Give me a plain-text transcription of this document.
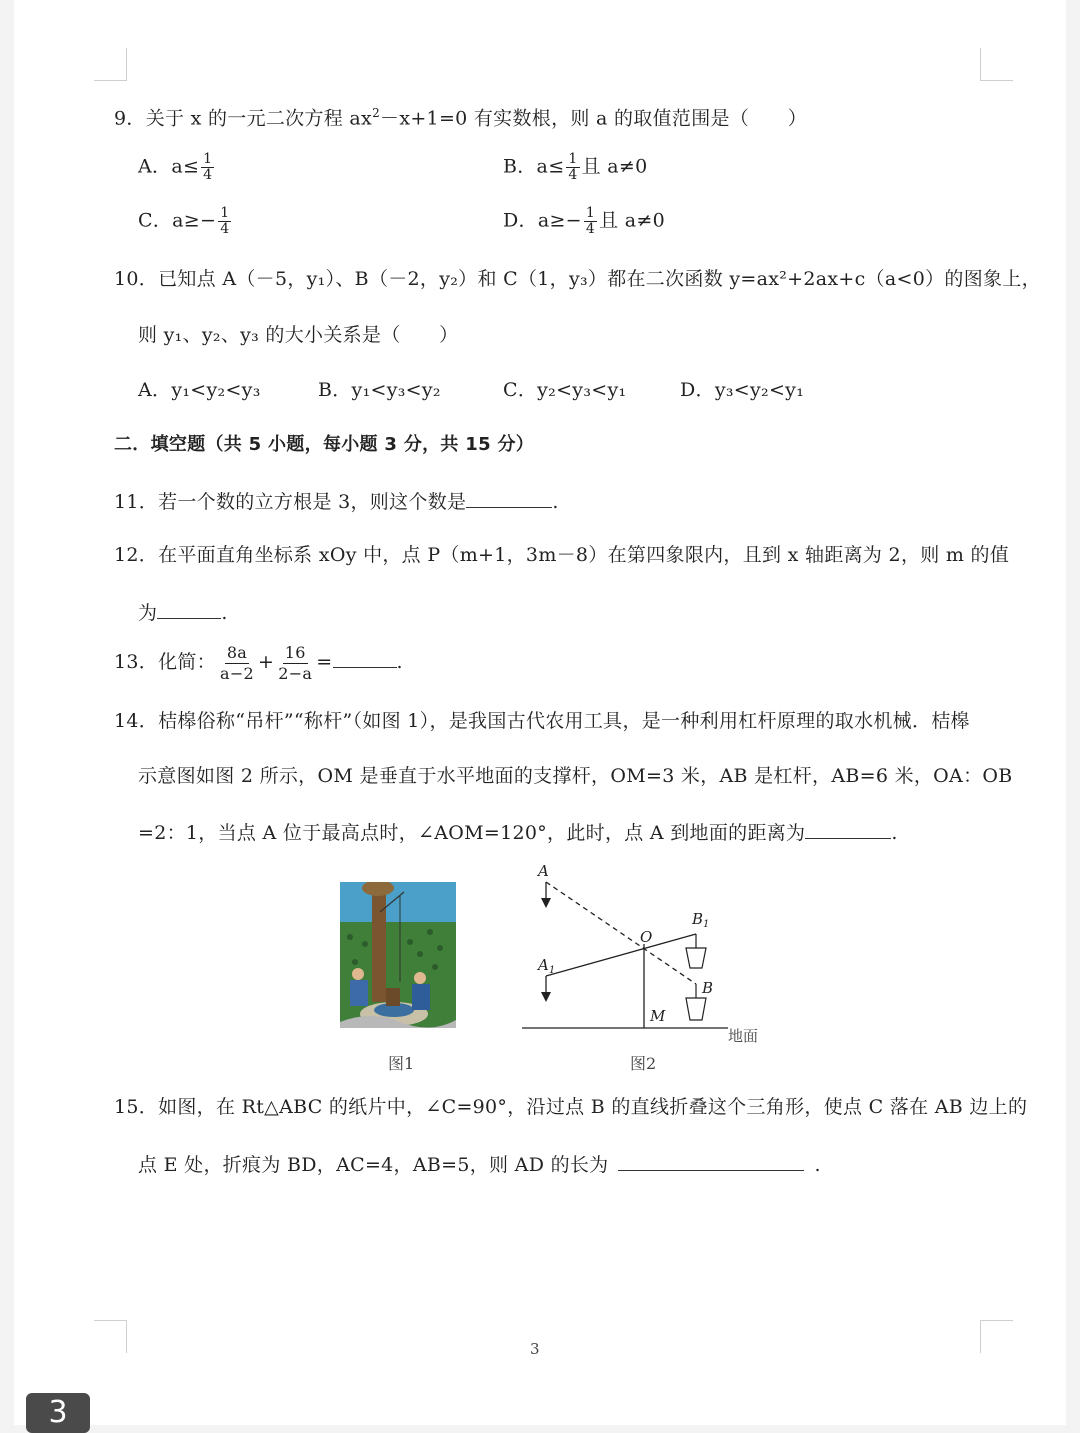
9．关于 x 的一元二次方程 $ax^2-x+1=0$ 有实数根，则 a 的取值范围是（　　）
A．$a\le \frac{1}{4}$	B．$a\le \frac{1}{4}$ 且 a≠0
C．$a\ge- \frac{1}{4}$	D．$a\ge- \frac{1}{4}$ 且 a≠0
10．已知点 A（－5，y₁）、B（－2，y₂）和 C（1，y₃）都在二次函数 y=ax²+2ax+c（a<0）的图象上，
则 y₁、y₂、y₃ 的大小关系是（　　）
A．y₁<y₂<y₃	B．y₁<y₃<y₂	C．y₂<y₃<y₁	D．y₃<y₂<y₁
二．填空题（共 5 小题，每小题 3 分，共 15 分）
11．若一个数的立方根是 3，则这个数是	.
12．在平面直角坐标系 xOy 中，点 P（m+1，3m－8）在第四象限内，且到 x 轴距离为 2，则 m 的值
为	.
13．化简： $\frac{8a}{a-2} + \frac{16}{2-a}$ =	.
14．桔槔俗称“吊杆”“称杆”（如图 1），是我国古代农用工具，是一种利用杠杆原理的取水机械．桔槔
示意图如图 2 所示，OM 是垂直于水平地面的支撑杆，OM=3 米，AB 是杠杆，AB=6 米，OA：OB
=2：1，当点 A 位于最高点时，∠AOM=120°，此时，点 A 到地面的距离为	.
图1
A
$A_1$
O
$B_1$
B
M
地面
图2
15．如图，在 Rt△ABC 的纸片中，∠C=90°，沿过点 B 的直线折叠这个三角形，使点 C 落在 AB 边上的
点 E 处，折痕为 BD，AC=4，AB=5，则 AD 的长为	.
3
3
